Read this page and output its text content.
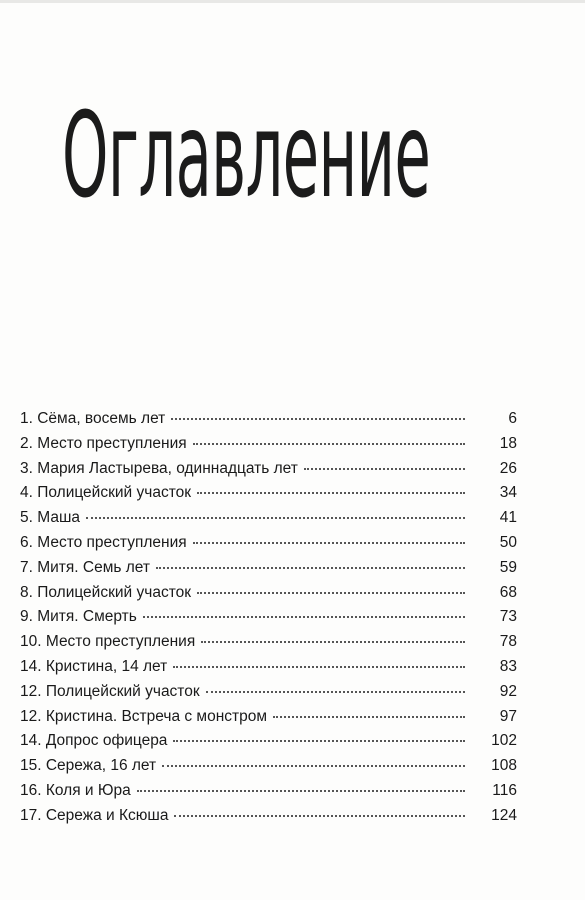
Оглавление
1. Сёма, восемь лет	6
2. Место преступления	18
3. Мария Ластырева, одиннадцать лет	26
4. Полицейский участок	34
5. Маша	41
6. Место преступления	50
7. Митя. Семь лет	59
8. Полицейский участок	68
9. Митя. Смерть	73
10. Место преступления	78
14. Кристина, 14 лет	83
12. Полицейский участок	92
12. Кристина. Встреча с монстром	97
14. Допрос офицера	102
15. Сережа, 16 лет	108
16. Коля и Юра	116
17. Сережа и Ксюша	124
